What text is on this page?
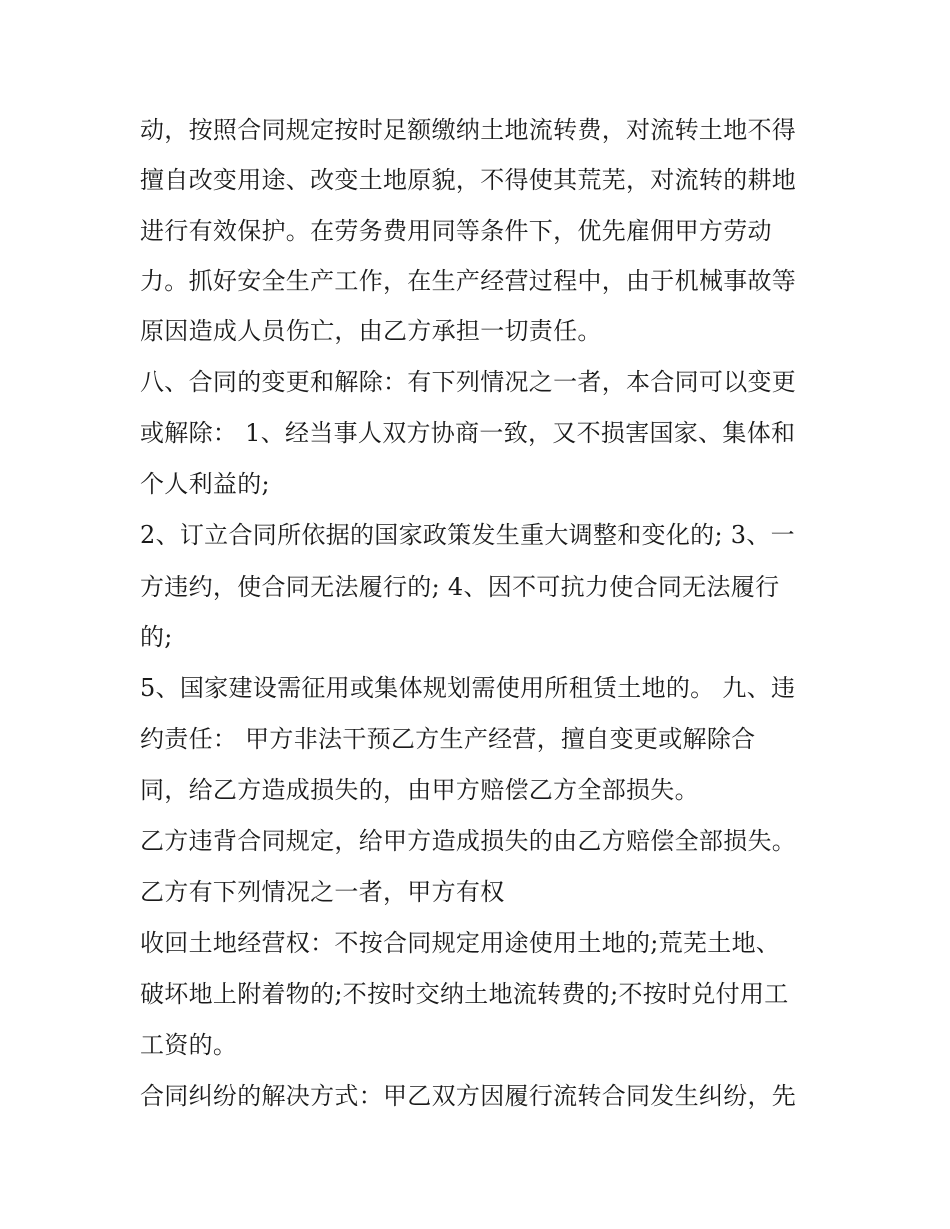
动，按照合同规定按时足额缴纳土地流转费，对流转土地不得
擅自改变用途、改变土地原貌，不得使其荒芜，对流转的耕地
进行有效保护。在劳务费用同等条件下，优先雇佣甲方劳动
力。抓好安全生产工作，在生产经营过程中，由于机械事故等
原因造成人员伤亡，由乙方承担一切责任。
八、合同的变更和解除：有下列情况之一者，本合同可以变更
或解除： 1、经当事人双方协商一致，又不损害国家、集体和
个人利益的;
2、订立合同所依据的国家政策发生重大调整和变化的; 3、一
方违约，使合同无法履行的; 4、因不可抗力使合同无法履行
的;
5、国家建设需征用或集体规划需使用所租赁土地的。 九、违
约责任： 甲方非法干预乙方生产经营，擅自变更或解除合
同，给乙方造成损失的，由甲方赔偿乙方全部损失。
乙方违背合同规定，给甲方造成损失的由乙方赔偿全部损失。
乙方有下列情况之一者，甲方有权
收回土地经营权：不按合同规定用途使用土地的;荒芜土地、
破坏地上附着物的;不按时交纳土地流转费的;不按时兑付用工
工资的。
合同纠纷的解决方式：甲乙双方因履行流转合同发生纠纷，先
